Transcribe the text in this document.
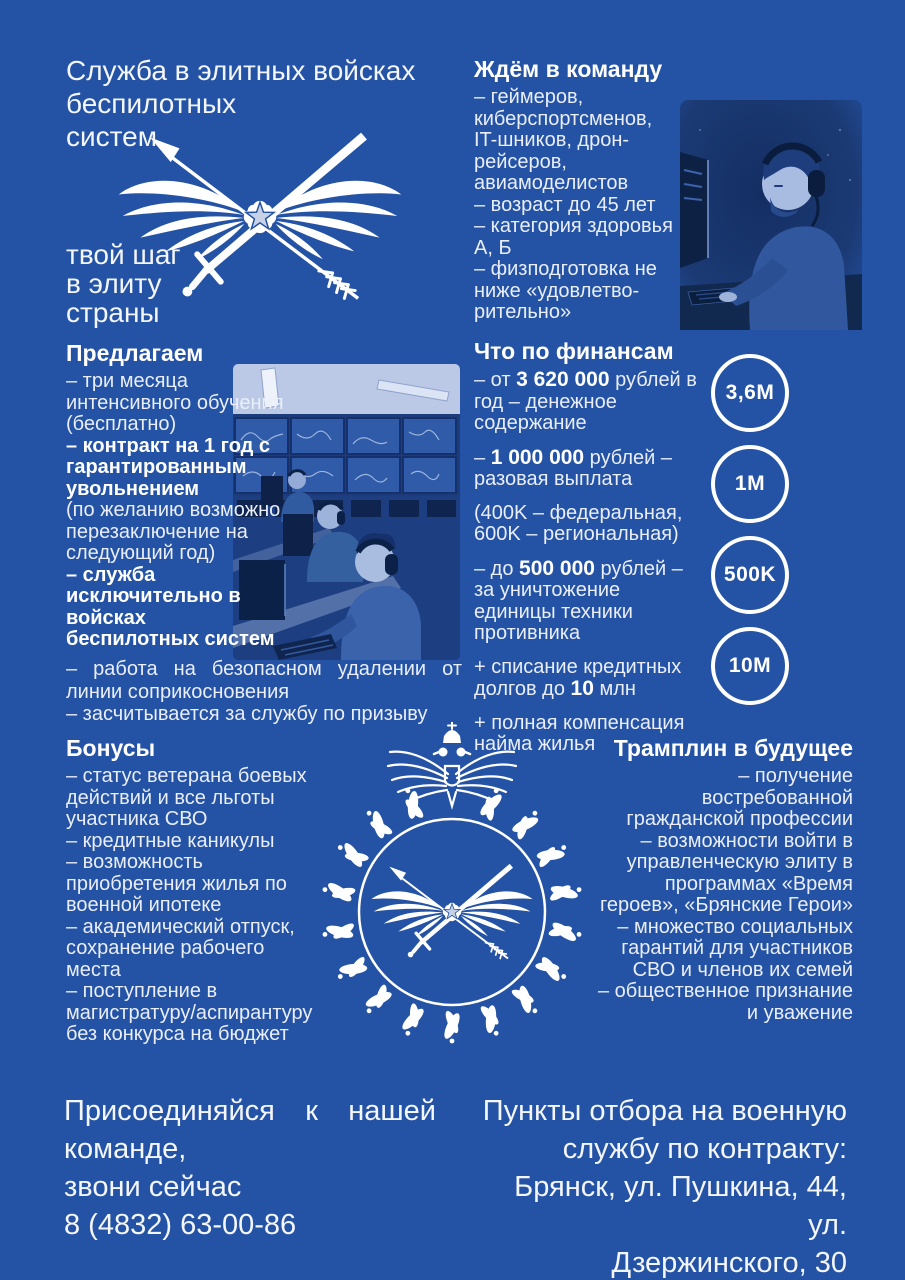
Служба в элитных войсках
беспилотных
систем
твой шаг
в элиту
страны
Ждём в команду
– геймеров, киберспортсменов, IT-шников, дрон-рейсеров, авиамоделистов
– возраст до 45 лет
– категория здоровья А, Б
– физподготовка не ниже «удовлетво-рительно»
Предлагаем
– три месяца интенсивного обучения (бесплатно)
– контракт на 1 год с гарантированным увольнением
(по желанию возможно перезаключение на следующий год)
– служба исключительно в войсках беспилотных систем
– работа на безопасном удалении от линии соприкосновения
– засчитывается за службу по призыву
Что по финансам
– от 3 620 000 рублей в год – денежное содержание
– 1 000 000 рублей – разовая выплата
(400K – федеральная, 600K – региональная)
– до 500 000 рублей – за уничтожение единицы техники противника
+ списание кредитных долгов до 10 млн
+ полная компенсация найма жилья
3,6M
1M
500K
10M
Бонусы
– статус ветерана боевых действий и все льготы участника СВО
– кредитные каникулы
– возможность приобретения жилья по военной ипотеке
– академический отпуск, сохранение рабочего места
– поступление в магистратуру/аспирантуру без конкурса на бюджет
Трамплин в будущее
– получение востребованной гражданской профессии
– возможности войти в управленческую элиту в программах «Время героев», «Брянские Герои»
– множество социальных гарантий для участников СВО и членов их семей
– общественное признание и уважение
Присоединяйся к нашей
команде,
звони сейчас
8 (4832) 63-00-86
Пункты отбора на военную
службу по контракту:
Брянск, ул. Пушкина, 44, ул.
Дзержинского, 30
